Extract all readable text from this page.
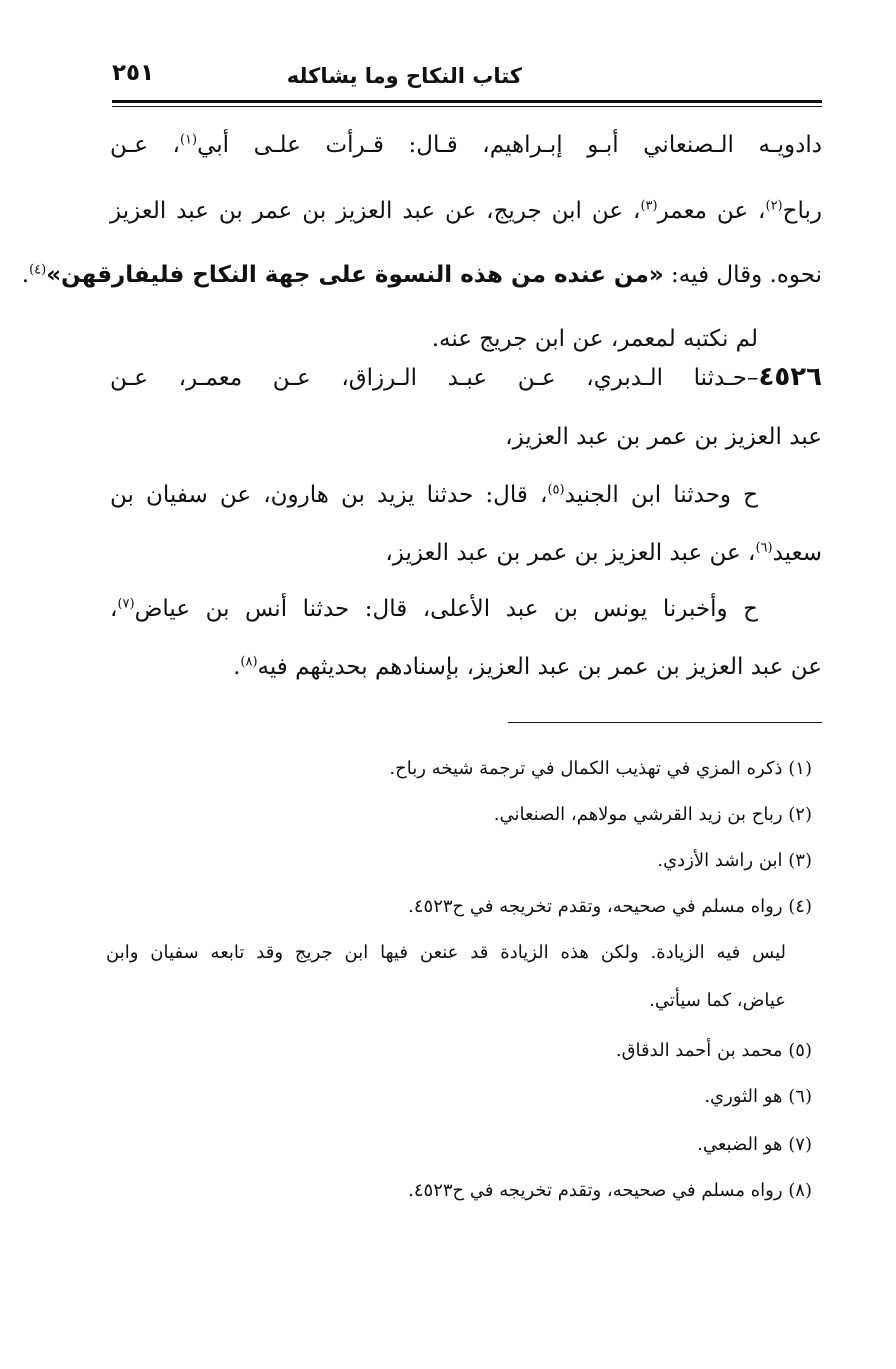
كتاب النكاح وما يشاكله
٢٥١
دادويـه الـصنعاني أبـو إبـراهيم، قـال: قـرأت علـى أبي$^{(١)}$، عـن
رباح$^{(٢)}$، عن معمر$^{(٣)}$، عن ابن جريج، عن عبد العزيز بن عمر بن عبد العزيز
نحوه. وقال فيه: «من عنده من هذه النسوة على جهة النكاح فليفارقهن»$^{(٤)}$.
لم نكتبه لمعمر، عن ابن جريج عنه.
٤٥٢٦–حـدثنا الـدبري، عـن عبـد الـرزاق، عـن معمـر، عـن
عبد العزيز بن عمر بن عبد العزيز،
ح وحدثنا ابن الجنيد$^{(٥)}$، قال: حدثنا يزيد بن هارون، عن سفيان بن
سعيد$^{(٦)}$، عن عبد العزيز بن عمر بن عبد العزيز،
ح وأخبرنا يونس بن عبد الأعلى، قال: حدثنا أنس بن عياض$^{(٧)}$،
عن عبد العزيز بن عمر بن عبد العزيز، بإسنادهم بحديثهم فيه$^{(٨)}$.
(١) ذكره المزي في تهذيب الكمال في ترجمة شيخه رباح.
(٢) رباح بن زيد القرشي مولاهم، الصنعاني.
(٣) ابن راشد الأزدي.
(٤) رواه مسلم في صحيحه، وتقدم تخريجه في ح٤٥٢٣.
ليس فيه الزيادة. ولكن هذه الزيادة قد عنعن فيها ابن جريج وقد تابعه سفيان وابن
عياض، كما سيأتي.
(٥) محمد بن أحمد الدقاق.
(٦) هو الثوري.
(٧) هو الضبعي.
(٨) رواه مسلم في صحيحه، وتقدم تخريجه في ح٤٥٢٣.
